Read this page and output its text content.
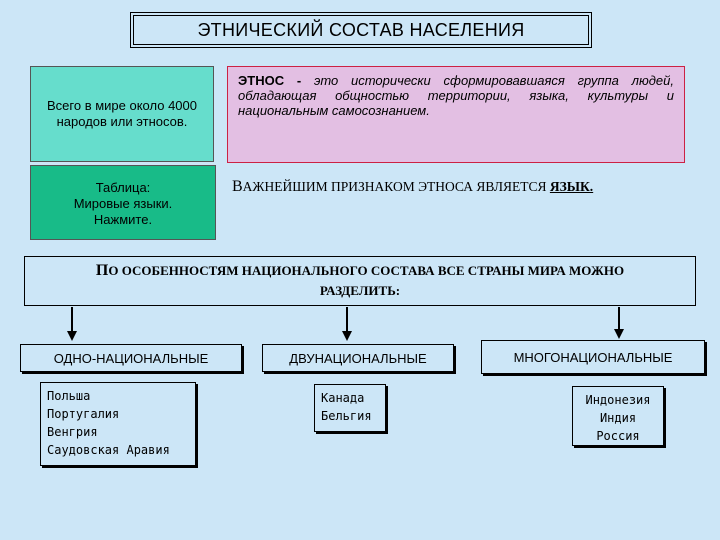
ЭТНИЧЕСКИЙ СОСТАВ НАСЕЛЕНИЯ
Всего в мире около 4000
народов или этносов.
Таблица:
Мировые языки.
Нажмите.
ЭТНОС - это исторически сформировавшаяся группа людей, обладающая общностью территории, языка, культуры и национальным самосознанием.
ВАЖНЕЙШИМ ПРИЗНАКОМ ЭТНОСА ЯВЛЯЕТСЯ ЯЗЫК.
ПО ОСОБЕННОСТЯМ НАЦИОНАЛЬНОГО СОСТАВА ВСЕ СТРАНЫ МИРА МОЖНО
РАЗДЕЛИТЬ:
ОДНО-НАЦИОНАЛЬНЫЕ	ДВУНАЦИОНАЛЬНЫЕ	МНОГОНАЦИОНАЛЬНЫЕ
Польша
Португалия
Венгрия
Саудовская Аравия
Канада
Бельгия
Индонезия
Индия
Россия
